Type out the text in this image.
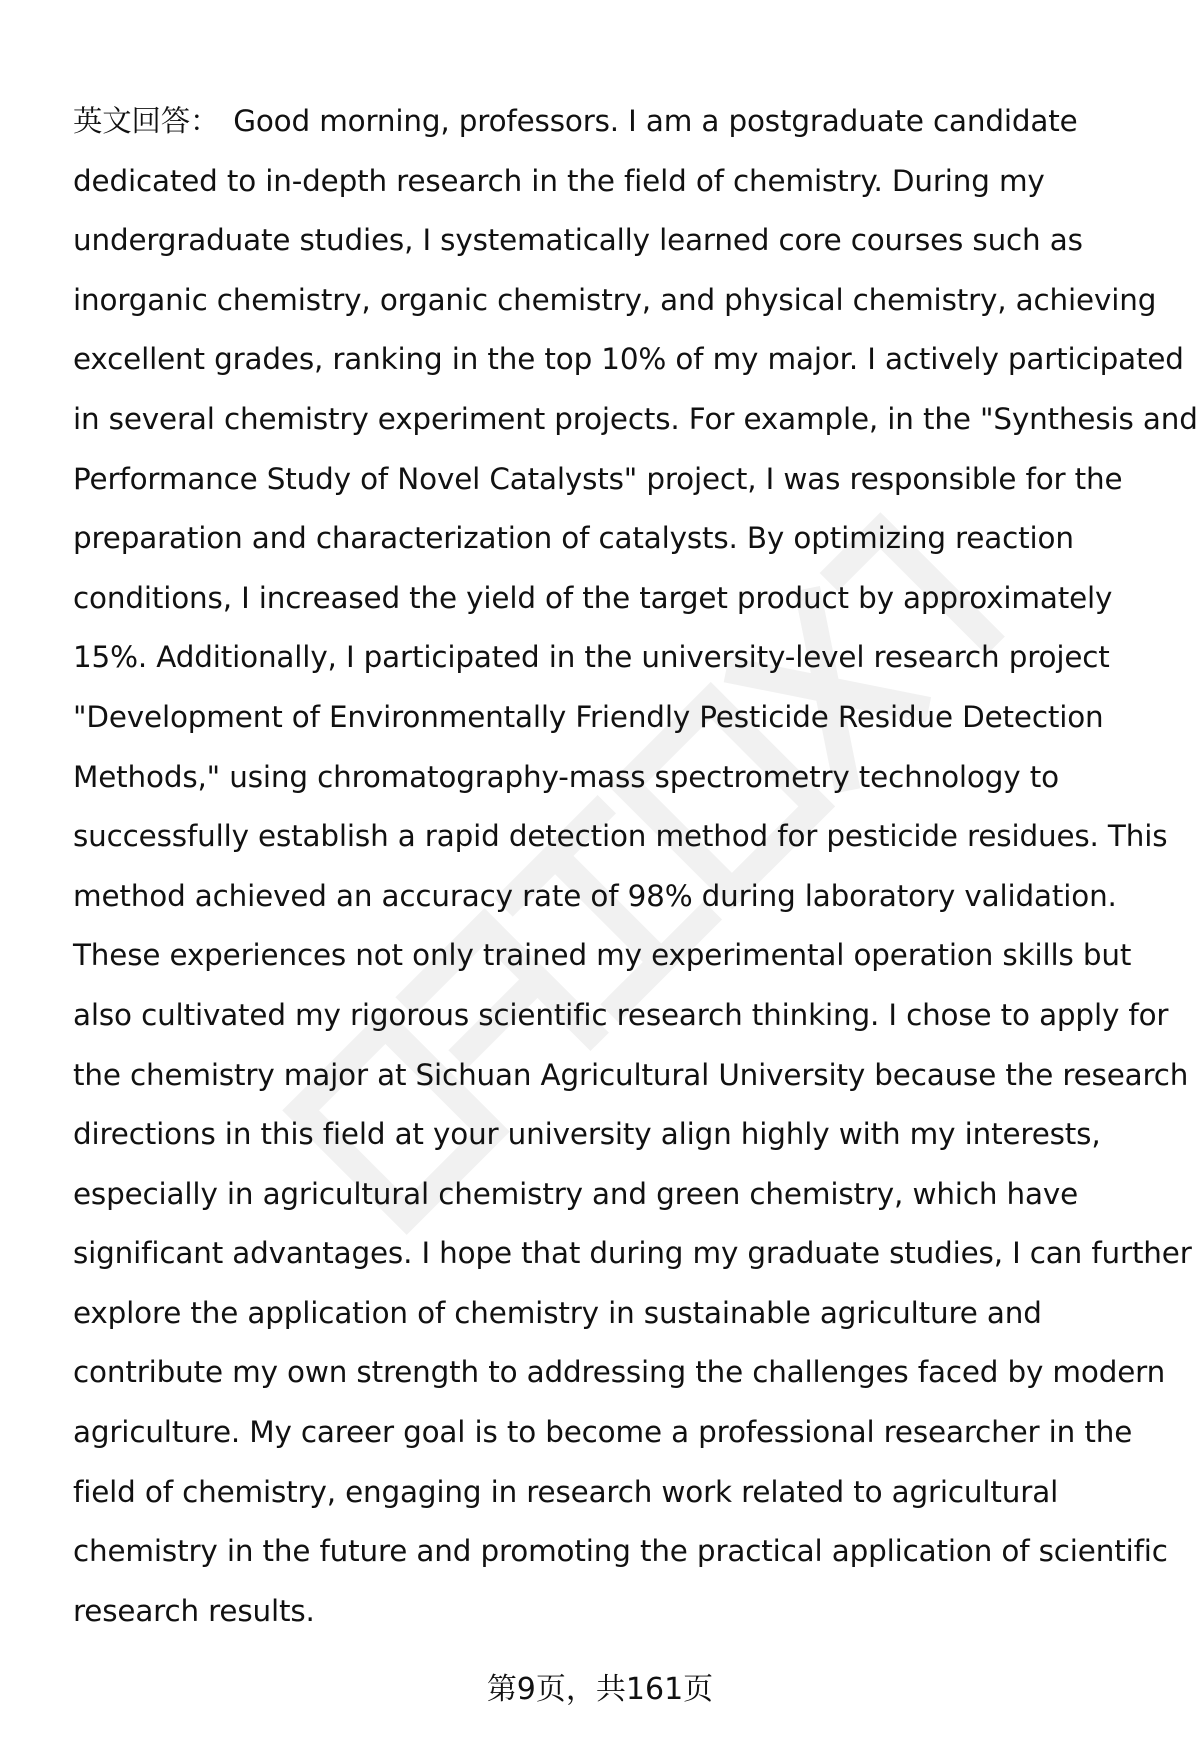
英文回答： Good morning, professors. I am a postgraduate candidate
dedicated to in-depth research in the field of chemistry. During my
undergraduate studies, I systematically learned core courses such as
inorganic chemistry, organic chemistry, and physical chemistry, achieving
excellent grades, ranking in the top 10% of my major. I actively participated
in several chemistry experiment projects. For example, in the "Synthesis and
Performance Study of Novel Catalysts" project, I was responsible for the
preparation and characterization of catalysts. By optimizing reaction
conditions, I increased the yield of the target product by approximately
15%. Additionally, I participated in the university-level research project
"Development of Environmentally Friendly Pesticide Residue Detection
Methods," using chromatography-mass spectrometry technology to
successfully establish a rapid detection method for pesticide residues. This
method achieved an accuracy rate of 98% during laboratory validation.
These experiences not only trained my experimental operation skills but
also cultivated my rigorous scientific research thinking. I chose to apply for
the chemistry major at Sichuan Agricultural University because the research
directions in this field at your university align highly with my interests,
especially in agricultural chemistry and green chemistry, which have
significant advantages. I hope that during my graduate studies, I can further
explore the application of chemistry in sustainable agriculture and
contribute my own strength to addressing the challenges faced by modern
agriculture. My career goal is to become a professional researcher in the
field of chemistry, engaging in research work related to agricultural
chemistry in the future and promoting the practical application of scientific
research results.
第9页，共161页
